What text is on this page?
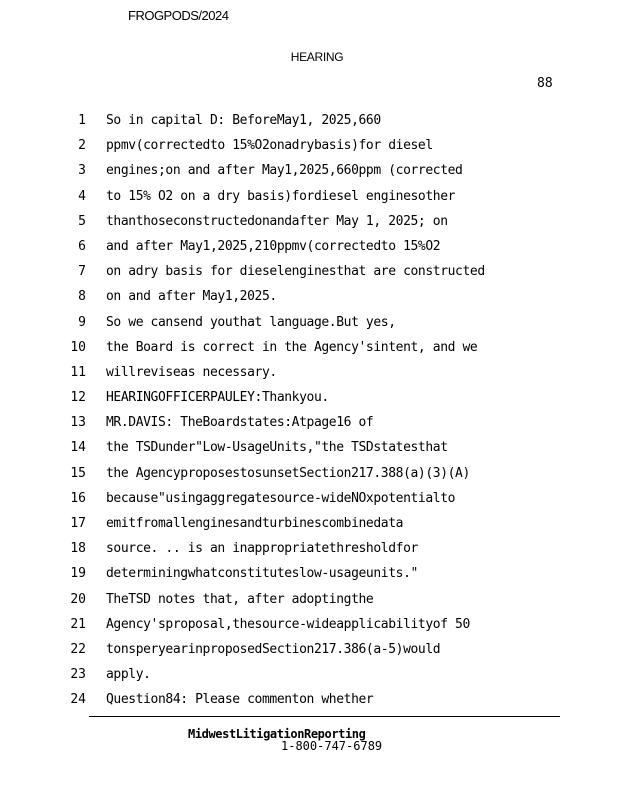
FROGPODS/2024
HEARING
88
1 So in capital D: BeforeMay1, 2025,660
2 ppmv(correctedto 15%O2onadrybasis)for diesel
3 engines;on and after May1,2025,660ppm (corrected
4 to 15% O2 on a dry basis)fordiesel enginesother
5 thanthoseconstructedonandafter May 1, 2025; on
6 and after May1,2025,210ppmv(correctedto 15%O2
7 on adry basis for dieselenginesthat are constructed
8 on and after May1,2025.
9 So we cansend youthat language.But yes,
10 the Board is correct in the Agency'sintent, and we
11 willreviseas necessary.
12 HEARINGOFFICERPAULEY:Thankyou.
13 MR.DAVIS: TheBoardstates:Atpage16 of
14 the TSDunder"Low-UsageUnits,"the TSDstatesthat
15 the AgencyproposestosunsetSection217.388(a)(3)(A)
16 because"usingaggregatesource-wideNOxpotentialto
17 emitfromallenginesandturbinescombinedata
18 source. .. is an inappropriatethresholdfor
19 determiningwhatconstituteslow-usageunits."
20 TheTSD notes that, after adoptingthe
21 Agency'sproposal,thesource-wideapplicabilityof 50
22 tonsperyearinproposedSection217.386(a-5)would
23 apply.
24 Question84: Please commenton whether
MidwestLitigationReporting
1-800-747-6789
